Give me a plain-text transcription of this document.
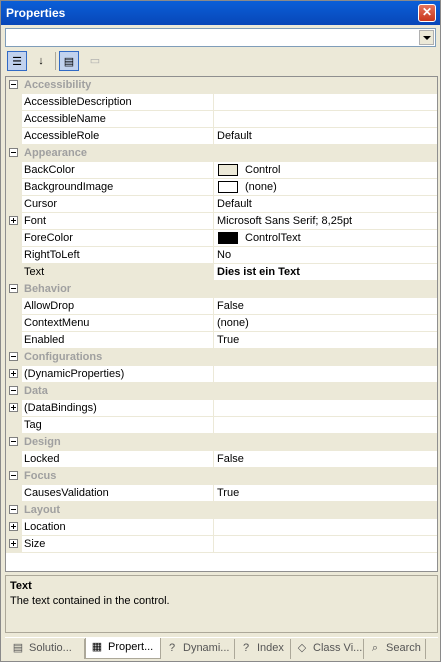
Properties	✕
☰	↓	▤	▭
Accessibility
AccessibleDescription
AccessibleName
AccessibleRole	Default
Appearance
BackColor	Control
BackgroundImage	(none)
Cursor	Default
Font	Microsoft Sans Serif; 8,25pt
ForeColor	ControlText
RightToLeft	No
Text	Dies ist ein Text
Behavior
AllowDrop	False
ContextMenu	(none)
Enabled	True
Configurations
(DynamicProperties)
Data
(DataBindings)
Tag
Design
Locked	False
Focus
CausesValidation	True
Layout
Location
Size
Text
The text contained in the control.
▤ Solutio...	▦ Propert...	? Dynami...	? Index	◇ Class Vi... ⌕ Search
